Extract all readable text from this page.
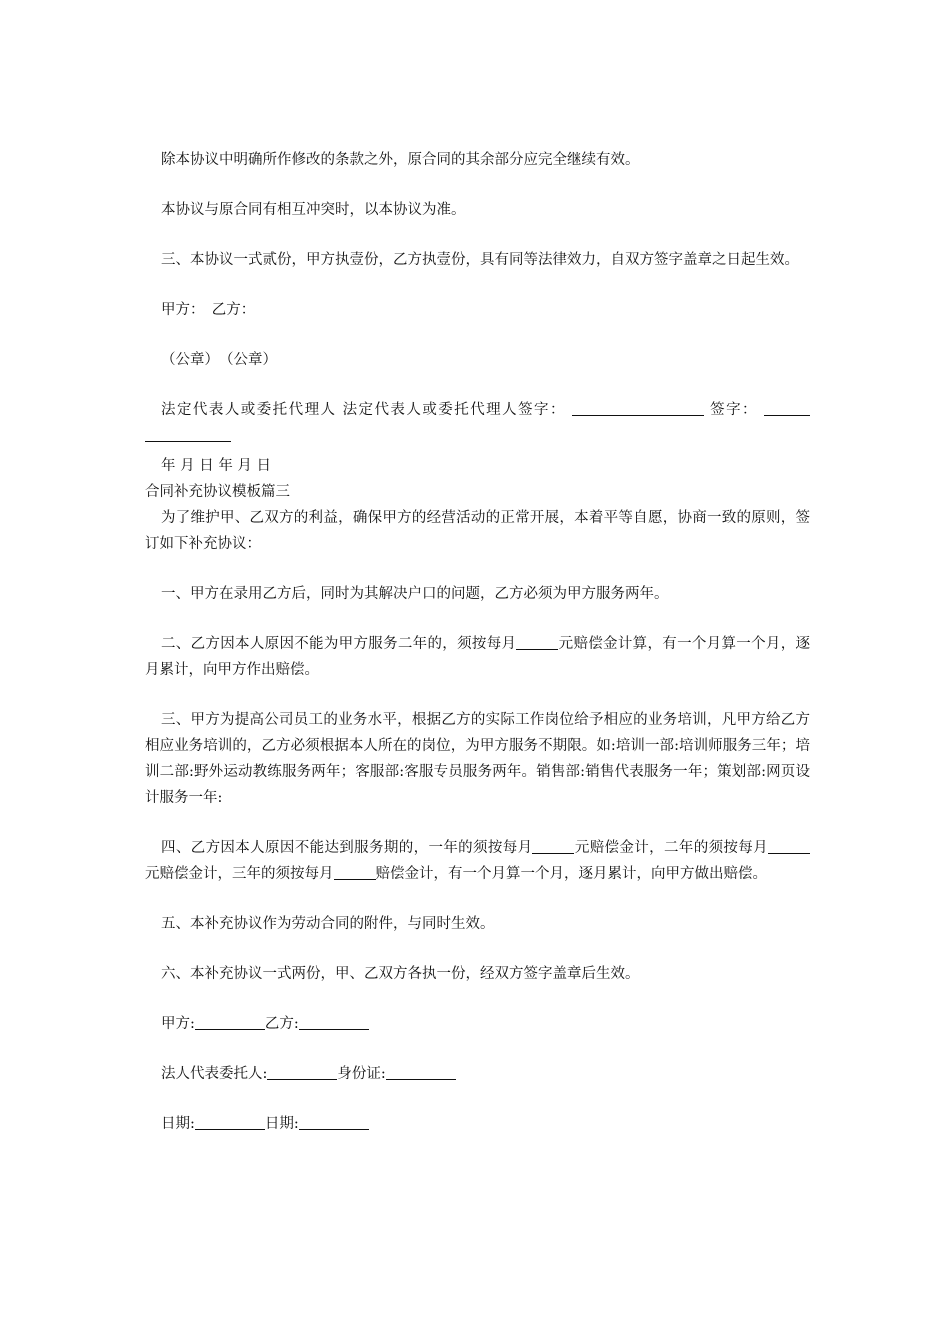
除本协议中明确所作修改的条款之外，原合同的其余部分应完全继续有效。

本协议与原合同有相互冲突时，以本协议为准。

三、本协议一式贰份，甲方执壹份，乙方执壹份，具有同等法律效力，自双方签字盖章之日起生效。

甲方：　乙方：

（公章）　（公章）

法定代表人或委托代理人 法定代表人或委托代理人签字：	签字：

年 月 日 年 月 日

合同补充协议模板篇三

为了维护甲、乙双方的利益，确保甲方的经营活动的正常开展，本着平等自愿，协商一致的原则，签订如下补充协议：

一、甲方在录用乙方后，同时为其解决户口的问题，乙方必须为甲方服务两年。

二、乙方因本人原因不能为甲方服务二年的，须按每月	元赔偿金计算，有一个月算一个月，逐月累计，向甲方作出赔偿。

三、甲方为提高公司员工的业务水平，根据乙方的实际工作岗位给予相应的业务培训，凡甲方给乙方相应业务培训的，乙方必须根据本人所在的岗位，为甲方服务不期限。如:培训一部:培训师服务三年；培训二部:野外运动教练服务两年；客服部:客服专员服务两年。销售部:销售代表服务一年；策划部:网页设计服务一年:

四、乙方因本人原因不能达到服务期的，一年的须按每月	元赔偿金计，二年的须按每月元赔偿金计，三年的须按每月	赔偿金计，有一个月算一个月，逐月累计，向甲方做出赔偿。

五、本补充协议作为劳动合同的附件，与同时生效。

六、本补充协议一式两份，甲、乙双方各执一份，经双方签字盖章后生效。

甲方:	乙方:

法人代表委托人:	身份证:

日期:	日期:
